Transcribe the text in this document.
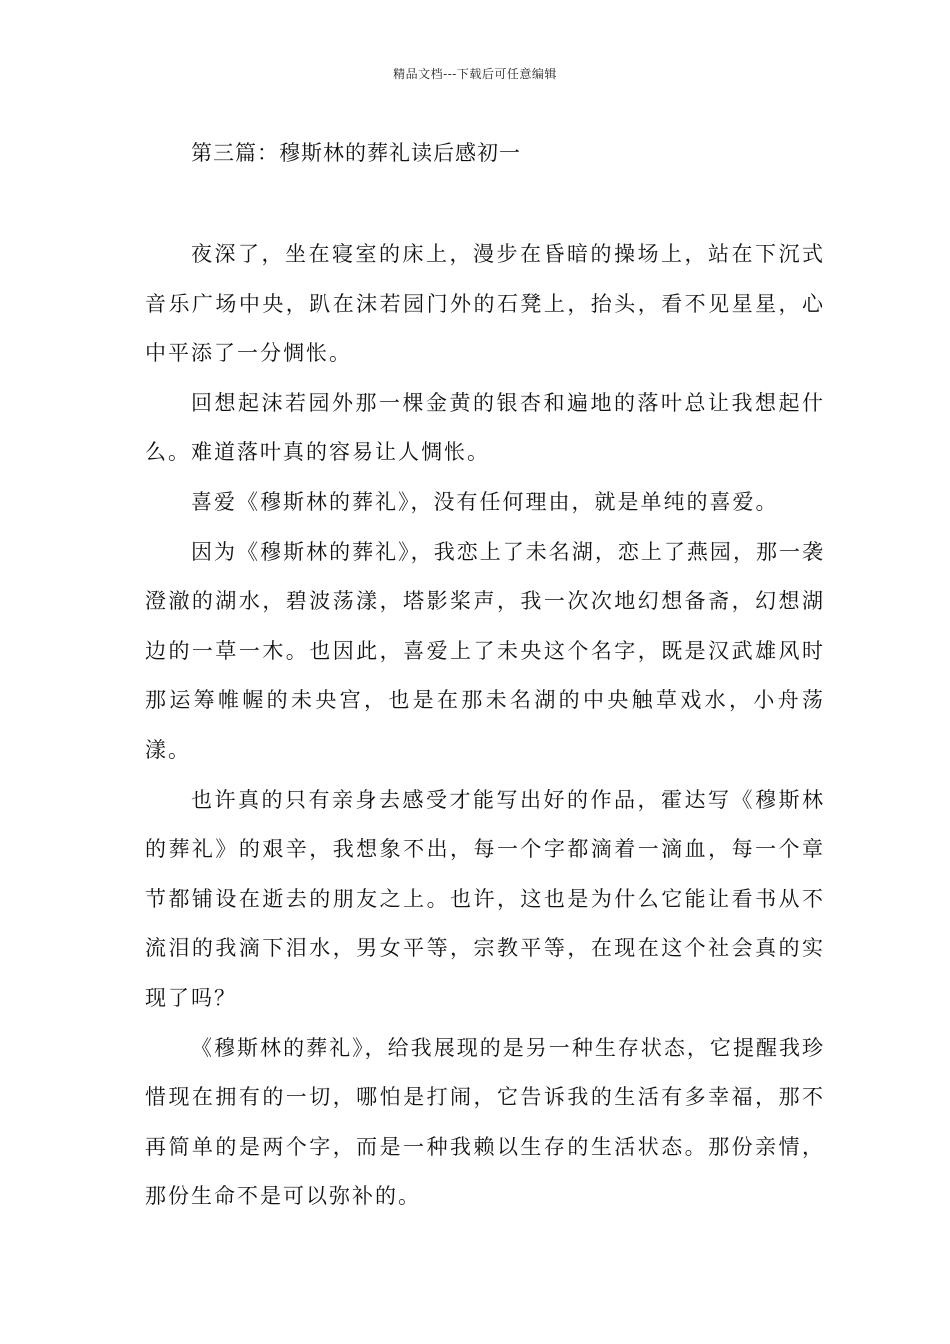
精品文档---下载后可任意编辑
第三篇：穆斯林的葬礼读后感初一

夜深了，坐在寝室的床上，漫步在昏暗的操场上，站在下沉式音乐广场中央，趴在沫若园门外的石凳上，抬头，看不见星星，心中平添了一分惆怅。

回想起沫若园外那一棵金黄的银杏和遍地的落叶总让我想起什么。难道落叶真的容易让人惆怅。

喜爱《穆斯林的葬礼》，没有任何理由，就是单纯的喜爱。

因为《穆斯林的葬礼》，我恋上了未名湖，恋上了燕园，那一袭澄澈的湖水，碧波荡漾，塔影桨声，我一次次地幻想备斋，幻想湖边的一草一木。也因此，喜爱上了未央这个名字，既是汉武雄风时那运筹帷幄的未央宫，也是在那未名湖的中央触草戏水，小舟荡漾。

也许真的只有亲身去感受才能写出好的作品，霍达写《穆斯林的葬礼》的艰辛，我想象不出，每一个字都滴着一滴血，每一个章节都铺设在逝去的朋友之上。也许，这也是为什么它能让看书从不流泪的我滴下泪水，男女平等，宗教平等，在现在这个社会真的实现了吗？

《穆斯林的葬礼》，给我展现的是另一种生存状态，它提醒我珍惜现在拥有的一切，哪怕是打闹，它告诉我的生活有多幸福，那不再简单的是两个字，而是一种我赖以生存的生活状态。那份亲情，那份生命不是可以弥补的。
